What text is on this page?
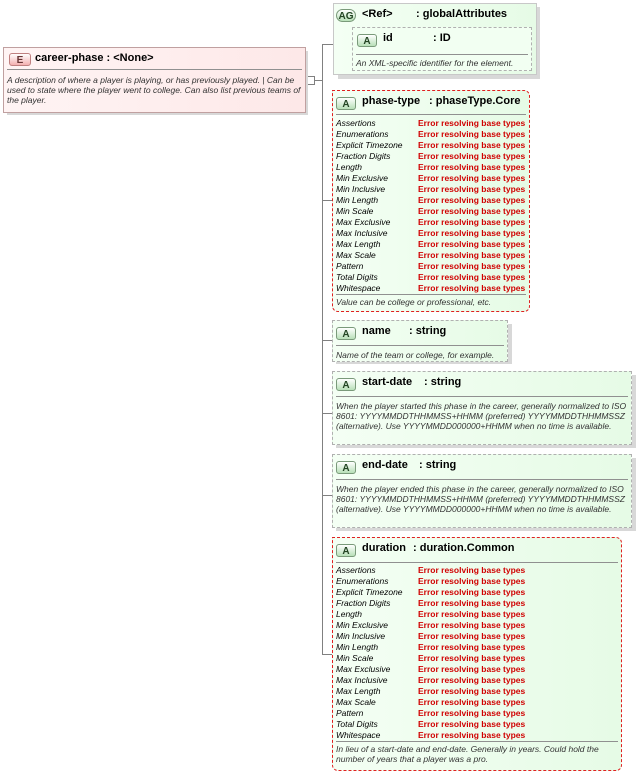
E	career-phase : <None>
A description of where a player is playing, or has previously played. | Can be used to state where the player went to college. Can also list previous teams of the player.
AG <Ref> : globalAttributes
A	id	: ID
An XML-specific identifier for the element.
A	phase-type : phaseType.Core
Assertions	Error resolving base types
Enumerations	Error resolving base types
Explicit Timezone Error resolving base types
Fraction Digits	Error resolving base types
Length	Error resolving base types
Min Exclusive	Error resolving base types
Min Inclusive	Error resolving base types
Min Length	Error resolving base types
Min Scale	Error resolving base types
Max Exclusive	Error resolving base types
Max Inclusive	Error resolving base types
Max Length	Error resolving base types
Max Scale	Error resolving base types
Pattern	Error resolving base types
Total Digits	Error resolving base types
Whitespace	Error resolving base types
Value can be college or professional, etc.
A	name : string
Name of the team or college, for example.
A	start-date : string
When the player started this phase in the career, generally normalized to ISO 8601: YYYYMMDDTHHMMSS+HHMM (preferred) YYYYMMDDTHHMMSSZ (alternative). Use YYYYMMDD000000+HHMM when no time is available.
A	end-date : string
When the player ended this phase in the career, generally normalized to ISO 8601: YYYYMMDDTHHMMSS+HHMM (preferred) YYYYMMDDTHHMMSSZ (alternative). Use YYYYMMDD000000+HHMM when no time is available.
A	duration : duration.Common
Assertions	Error resolving base types
Enumerations	Error resolving base types
Explicit Timezone Error resolving base types
Fraction Digits	Error resolving base types
Length	Error resolving base types
Min Exclusive	Error resolving base types
Min Inclusive	Error resolving base types
Min Length	Error resolving base types
Min Scale	Error resolving base types
Max Exclusive	Error resolving base types
Max Inclusive	Error resolving base types
Max Length	Error resolving base types
Max Scale	Error resolving base types
Pattern	Error resolving base types
Total Digits	Error resolving base types
Whitespace	Error resolving base types
In lieu of a start-date and end-date. Generally in years. Could hold the number of years that a player was a pro.
